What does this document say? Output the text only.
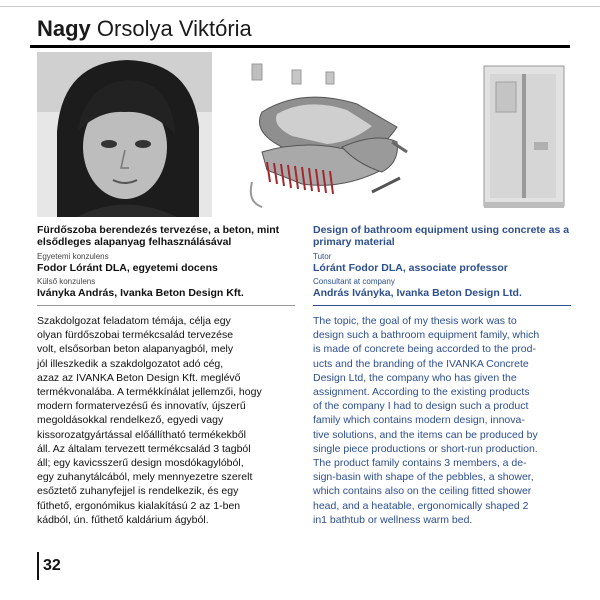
Nagy Orsolya Viktória

Fürdőszoba berendezés tervezése, a beton, mint elsődleges alapanyag felhasználásával

Egyetemi konzulens

Fodor Lóránt DLA, egyetemi docens

Külső konzulens

Iványka András, Ivanka Beton Design Kft.

Design of bathroom equipment using concrete as a primary material

Tutor

Lóránt Fodor DLA, associate professor

Consultant at company

András Iványka, Ivanka Beton Design Ltd.

Szakdolgozat feladatom témája, célja egy
olyan fürdőszobai termékcsalád tervezése
volt, elsősorban beton alapanyagból, mely
jól illeszkedik a szakdolgozatot adó cég,
azaz az IVANKA Beton Design Kft. meglévő
termékvonalába. A termékkínálat jellemzői, hogy
modern formatervezésű és innovatív, újszerű
megoldásokkal rendelkező, egyedi vagy
kissorozatgyártással előállítható termékekből
áll. Az általam tervezett termékcsalád 3 tagból
áll; egy kavicsszerű design mosdókagylóból,
egy zuhanytálcából, mely mennyezetre szerelt
esőztető zuhanyfejjel is rendelkezik, és egy
fűthető, ergonómikus kialakítású 2 az 1-ben
kádból, ún. fűthető kaldárium ágyból.
The topic, the goal of my thesis work was to
design such a bathroom equipment family, which
is made of concrete being accorded to the prod-
ucts and the branding of the IVANKA Concrete
Design Ltd, the company who has given the
assignment. According to the existing products
of the company I had to design such a product
family which contains modern design, innova-
tive solutions, and the items can be produced by
single piece productions or short-run production.
The product family contains 3 members, a de-
sign-basin with shape of the pebbles, a shower,
which contains also on the ceiling fitted shower
head, and a heatable, ergonomically shaped 2
in1 bathtub or wellness warm bed.
32
